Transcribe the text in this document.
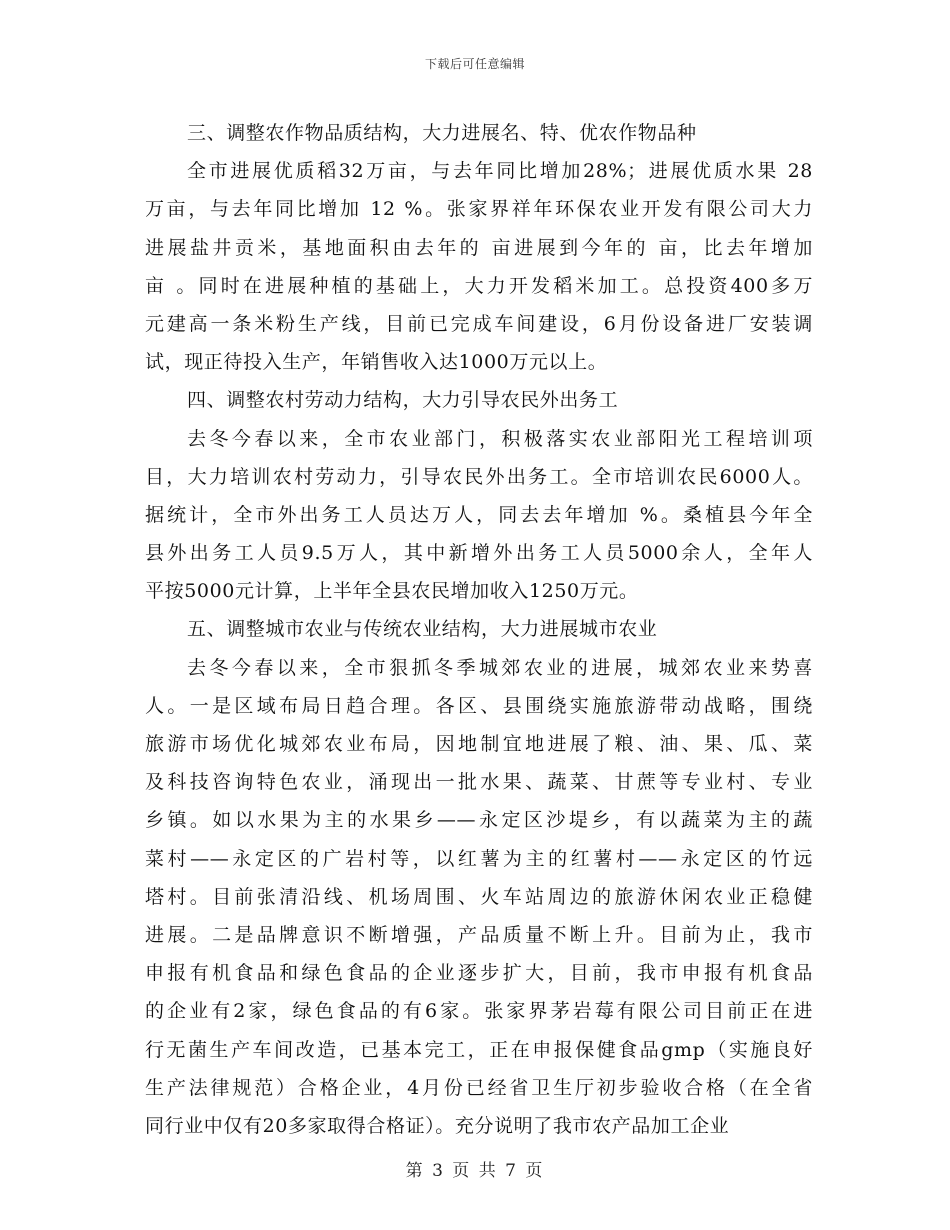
下载后可任意编辑
三、调整农作物品质结构，大力进展名、特、优农作物品种
全市进展优质稻32万亩，与去年同比增加28%；进展优质水果 28
万亩，与去年同比增加 12 %。张家界祥年环保农业开发有限公司大力
进展盐井贡米，基地面积由去年的 亩进展到今年的 亩，比去年增加
亩 。同时在进展种植的基础上，大力开发稻米加工。总投资400多万
元建高一条米粉生产线，目前已完成车间建设，6月份设备进厂安装调
试，现正待投入生产，年销售收入达1000万元以上。
四、调整农村劳动力结构，大力引导农民外出务工
去冬今春以来，全市农业部门，积极落实农业部阳光工程培训项
目，大力培训农村劳动力，引导农民外出务工。全市培训农民6000人。
据统计，全市外出务工人员达万人，同去去年增加 %。桑植县今年全
县外出务工人员9.5万人，其中新增外出务工人员5000余人，全年人
平按5000元计算，上半年全县农民增加收入1250万元。
五、调整城市农业与传统农业结构，大力进展城市农业
去冬今春以来，全市狠抓冬季城郊农业的进展，城郊农业来势喜
人。一是区域布局日趋合理。各区、县围绕实施旅游带动战略，围绕
旅游市场优化城郊农业布局，因地制宜地进展了粮、油、果、瓜、菜
及科技咨询特色农业，涌现出一批水果、蔬菜、甘蔗等专业村、专业
乡镇。如以水果为主的水果乡——永定区沙堤乡，有以蔬菜为主的蔬
菜村——永定区的广岩村等，以红薯为主的红薯村——永定区的竹远
塔村。目前张清沿线、机场周围、火车站周边的旅游休闲农业正稳健
进展。二是品牌意识不断增强，产品质量不断上升。目前为止，我市
申报有机食品和绿色食品的企业逐步扩大，目前，我市申报有机食品
的企业有2家，绿色食品的有6家。张家界茅岩莓有限公司目前正在进
行无菌生产车间改造，已基本完工，正在申报保健食品gmp（实施良好
生产法律规范）合格企业，4月份已经省卫生厅初步验收合格（在全省
同行业中仅有20多家取得合格证）。充分说明了我市农产品加工企业
第 3 页 共 7 页
